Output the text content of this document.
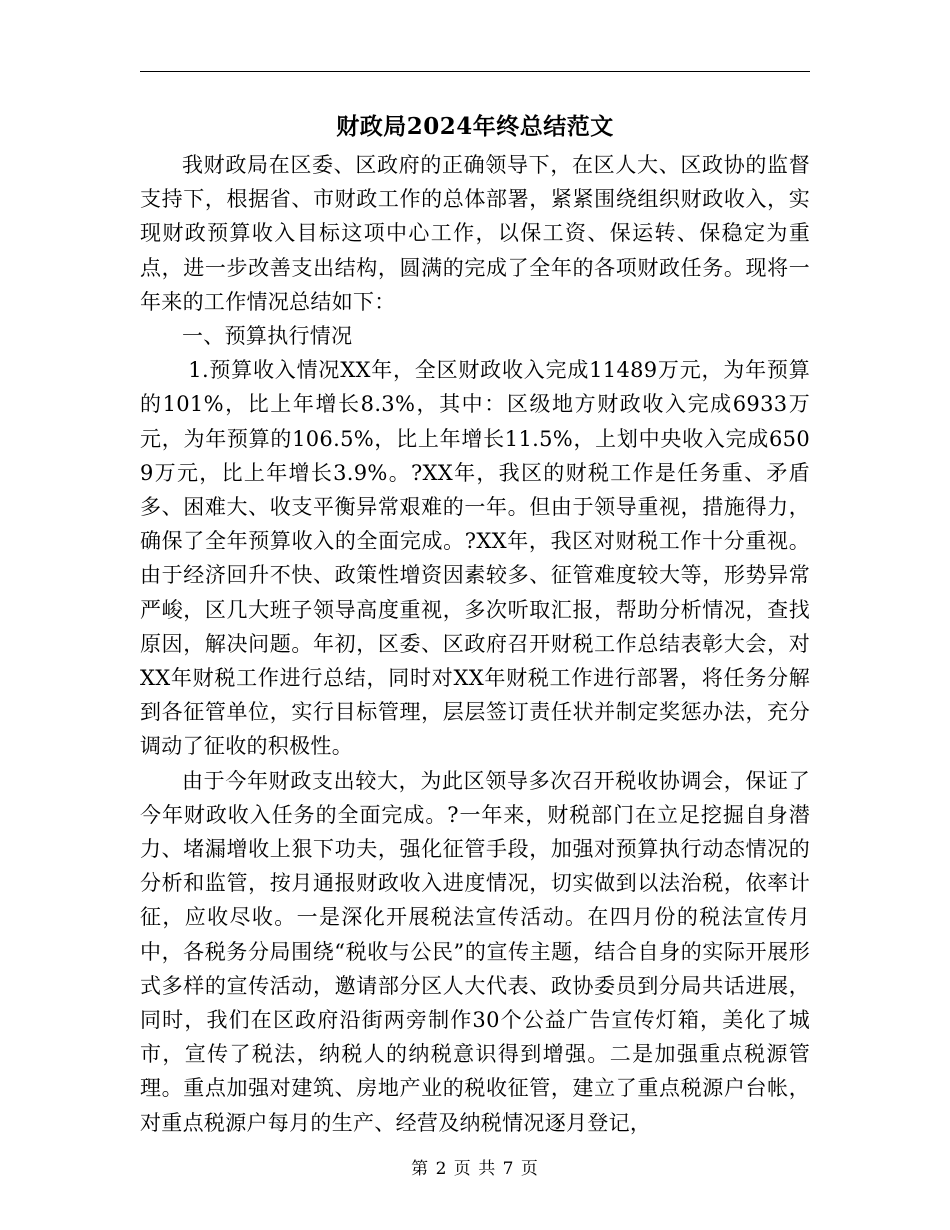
财政局2024年终总结范文

我财政局在区委、区政府的正确领导下，在区人大、区政协的监督支持下，根据省、市财政工作的总体部署，紧紧围绕组织财政收入，实现财政预算收入目标这项中心工作，以保工资、保运转、保稳定为重点，进一步改善支出结构，圆满的完成了全年的各项财政任务。现将一年来的工作情况总结如下：

一、预算执行情况

1.预算收入情况XX年，全区财政收入完成11489万元，为年预算的101%，比上年增长8.3%，其中：区级地方财政收入完成6933万元，为年预算的106.5%，比上年增长11.5%，上划中央收入完成6509万元，比上年增长3.9%。?XX年，我区的财税工作是任务重、矛盾多、困难大、收支平衡异常艰难的一年。但由于领导重视，措施得力，确保了全年预算收入的全面完成。?XX年，我区对财税工作十分重视。由于经济回升不快、政策性增资因素较多、征管难度较大等，形势异常严峻，区几大班子领导高度重视，多次听取汇报，帮助分析情况，查找原因，解决问题。年初，区委、区政府召开财税工作总结表彰大会，对XX年财税工作进行总结，同时对XX年财税工作进行部署，将任务分解到各征管单位，实行目标管理，层层签订责任状并制定奖惩办法，充分调动了征收的积极性。

由于今年财政支出较大，为此区领导多次召开税收协调会，保证了今年财政收入任务的全面完成。?一年来，财税部门在立足挖掘自身潜力、堵漏增收上狠下功夫，强化征管手段，加强对预算执行动态情况的分析和监管，按月通报财政收入进度情况，切实做到以法治税，依率计征，应收尽收。一是深化开展税法宣传活动。在四月份的税法宣传月中，各税务分局围绕“税收与公民”的宣传主题，结合自身的实际开展形式多样的宣传活动，邀请部分区人大代表、政协委员到分局共话进展，同时，我们在区政府沿街两旁制作30个公益广告宣传灯箱，美化了城市，宣传了税法，纳税人的纳税意识得到增强。二是加强重点税源管理。重点加强对建筑、房地产业的税收征管，建立了重点税源户台帐，对重点税源户每月的生产、经营及纳税情况逐月登记，

第 2 页 共 7 页
